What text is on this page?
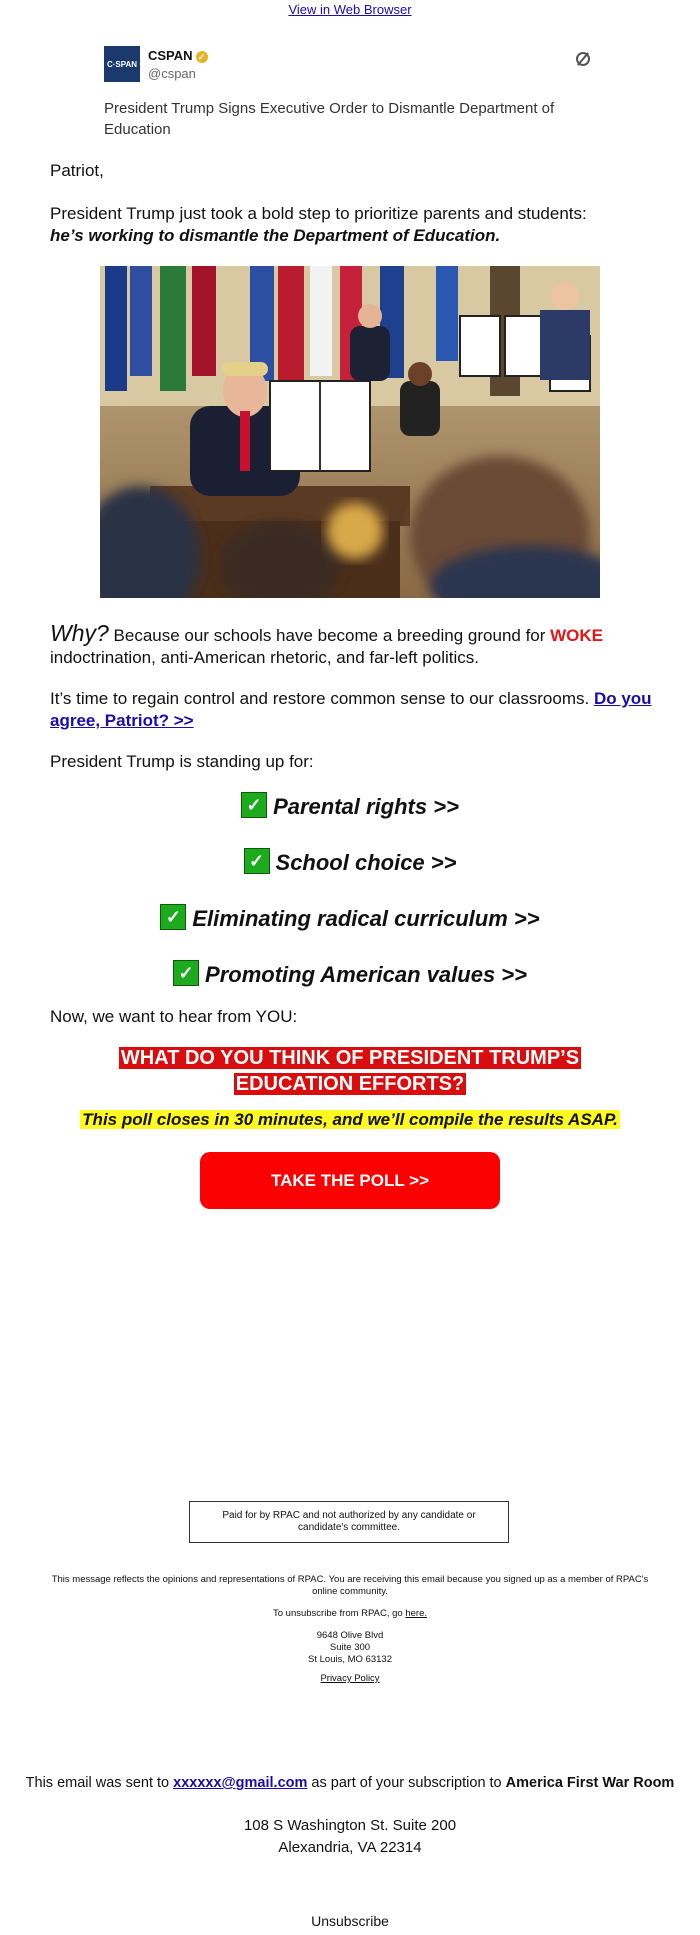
View in Web Browser
C·SPAN
CSPAN ✓
@cspan
President Trump Signs Executive Order to Dismantle Department of Education
Patriot,
President Trump just took a bold step to prioritize parents and students:
he’s working to dismantle the Department of Education.
Why? Because our schools have become a breeding ground for WOKE indoctrination, anti-American rhetoric, and far-left politics.
It’s time to regain control and restore common sense to our classrooms. Do you agree, Patriot? >>
President Trump is standing up for:
✓ Parental rights >>
✓ School choice >>
✓ Eliminating radical curriculum >>
✓ Promoting American values >>
Now, we want to hear from YOU:
WHAT DO YOU THINK OF PRESIDENT TRUMP’S
EDUCATION EFFORTS?
This poll closes in 30 minutes, and we’ll compile the results ASAP.
TAKE THE POLL >>
Paid for by RPAC and not authorized by any candidate or candidate's committee.
This message reflects the opinions and representations of RPAC. You are receiving this email because you signed up as a member of RPAC's online community.
To unsubscribe from RPAC, go here.
9648 Olive Blvd
Suite 300
St Louis, MO 63132
Privacy Policy
This email was sent to xxxxxx@gmail.com as part of your subscription to America First War Room
108 S Washington St. Suite 200
Alexandria, VA 22314
Unsubscribe
